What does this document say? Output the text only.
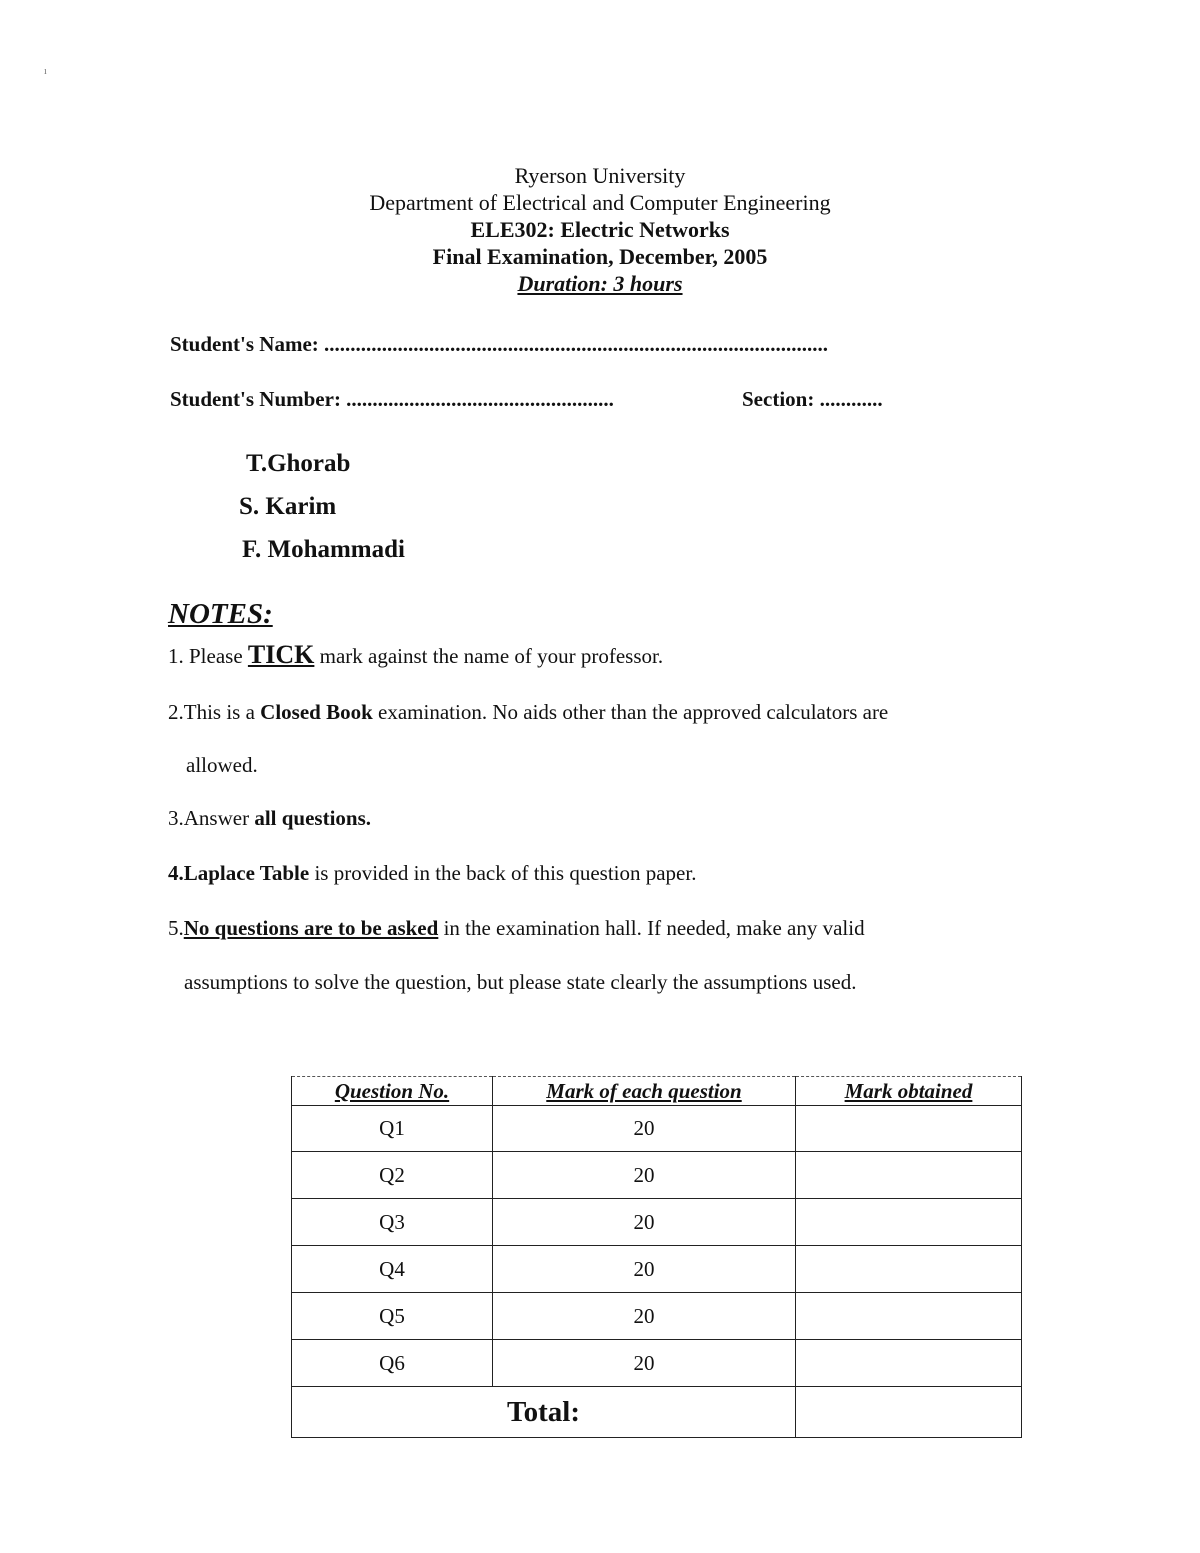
ı
Ryerson University
Department of Electrical and Computer Engineering
ELE302: Electric Networks
Final Examination, December, 2005
Duration: 3 hours
Student's Name: ................................................................................................
Student's Number: ...................................................	Section: ............
T.Ghorab
S. Karim
F. Mohammadi
NOTES:
1. Please TICK mark against the name of your professor.
2.This is a Closed Book examination. No aids other than the approved calculators are
allowed.
3.Answer all questions.
4.Laplace Table is provided in the back of this question paper.
5.No questions are to be asked in the examination hall. If needed, make any valid
assumptions to solve the question, but please state clearly the assumptions used.
Question No.	Mark of each question	Mark obtained
Q1	20	
Q2	20	
Q3	20	
Q4	20	
Q5	20	
Q6	20	
Total:		
